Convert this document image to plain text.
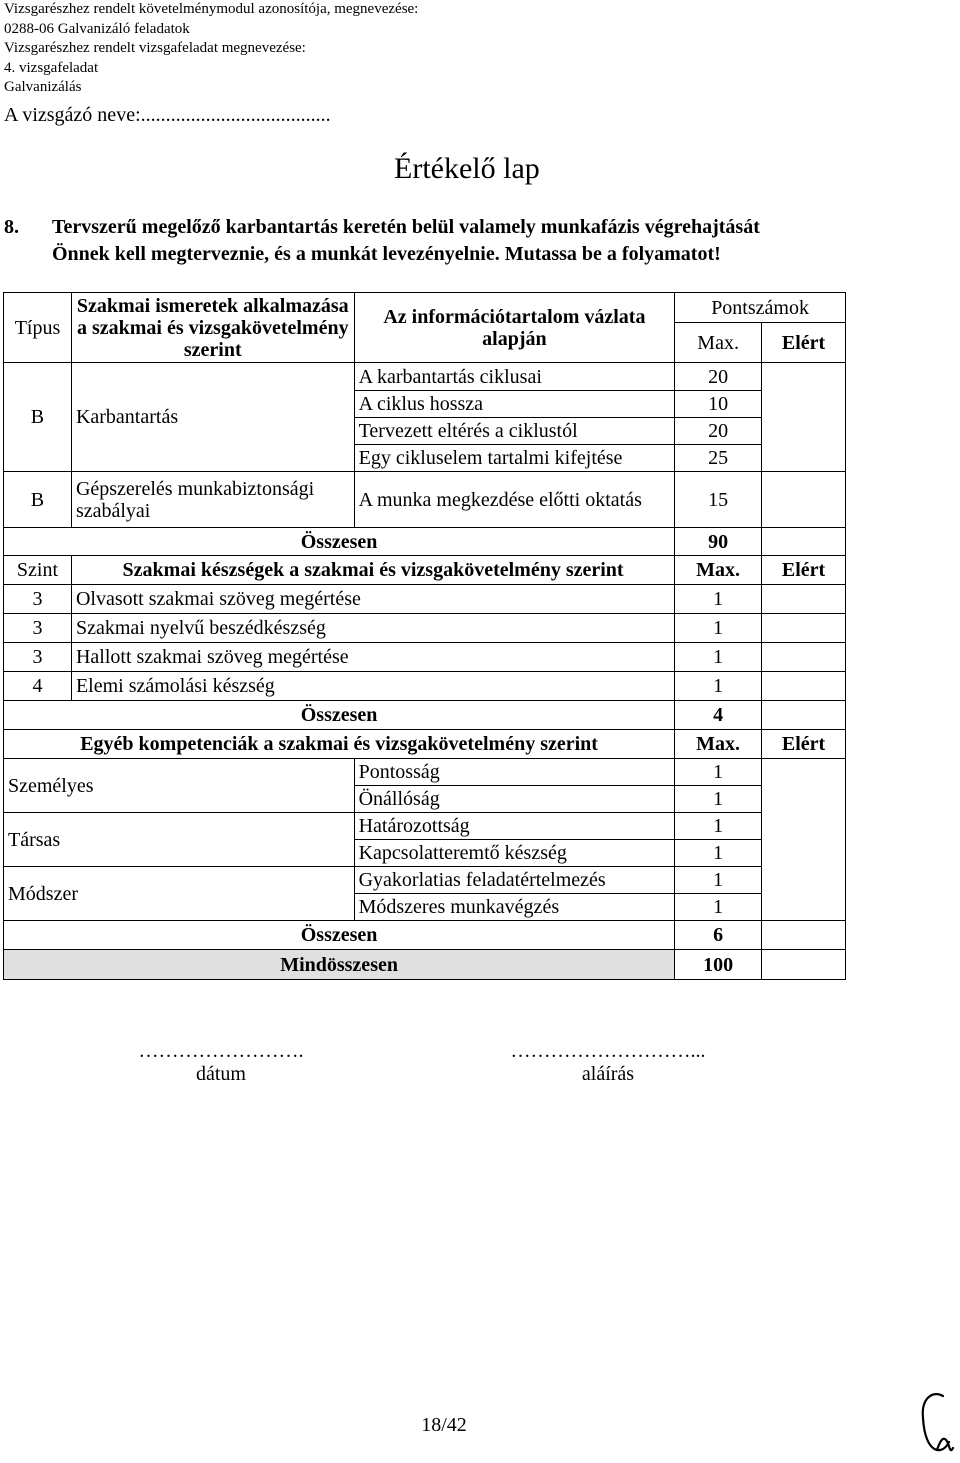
Vizsgarészhez rendelt követelménymodul azonosítója, megnevezése:
0288-06 Galvanizáló feladatok
Vizsgarészhez rendelt vizsgafeladat megnevezése:
4. vizsgafeladat
Galvanizálás
A vizsgázó neve:......................................
Értékelő lap
8. Tervszerű megelőző karbantartás keretén belül valamely munkafázis végrehajtását
Önnek kell megterveznie, és a munkát levezényelnie. Mutassa be a folyamatot!
Típus	Szakmai ismeretek alkalmazása a szakmai és vizsgakövetelmény szerint	Az információtartalom vázlata alapján	Pontszámok	
			Max.	Elért
B	Karbantartás	A karbantartás ciklusai	20	
		A ciklus hossza	10	
		Tervezett eltérés a ciklustól	20	
		Egy cikluselem tartalmi kifejtése	25	
B	Gépszerelés munkabiztonsági szabályai	A munka megkezdése előtti oktatás	15	
Összesen			90	
Szint	Szakmai készségek a szakmai és vizsgakövetelmény szerint		Max.	Elért
3	Olvasott szakmai szöveg megértése		1	
3	Szakmai nyelvű beszédkészség		1	
3	Hallott szakmai szöveg megértése		1	
4	Elemi számolási készség		1	
Összesen			4	
Egyéb kompetenciák a szakmai és vizsgakövetelmény szerint			Max.	Elért
Személyes		Pontosság	1	
		Önállóság	1	
Társas		Határozottság	1	
		Kapcsolatteremtő készség	1	
Módszer		Gyakorlatias feladatértelmezés	1	
		Módszeres munkavégzés	1	
Összesen			6	
Mindösszesen			100	
…………………….
dátum
………………………...
aláírás
18/42
